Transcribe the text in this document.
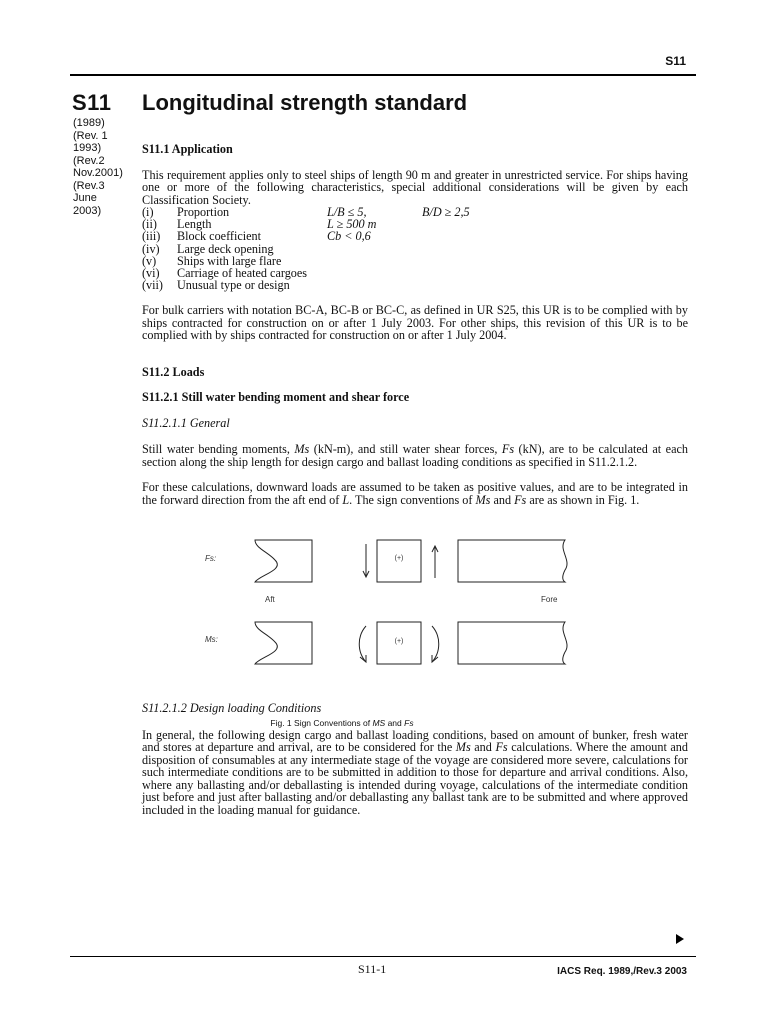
S11
S11 Longitudinal strength standard
(1989)
(Rev. 1
1993)
(Rev.2
Nov.2001)
(Rev.3
June
2003)

S11.1 Application

This requirement applies only to steel ships of length 90 m and greater in unrestricted service. For ships having one or more of the following characteristics, special additional considerations will be given by each Classification Society.

(i)	Proportion	L/B ≤ 5,	B/D ≥ 2,5
(ii)	Length	L ≥ 500 m	
(iii)	Block coefficient	Cb < 0,6	
(iv)	Large deck opening		
(v)	Ships with large flare		
(vi)	Carriage of heated cargoes		
(vii)	Unusual type or design		

For bulk carriers with notation BC-A, BC-B or BC-C, as defined in UR S25, this UR is to be complied with by ships contracted for construction on or after 1 July 2003. For other ships, this revision of this UR is to be complied with by ships contracted for construction on or after 1 July 2004.

S11.2 Loads

S11.2.1 Still water bending moment and shear force

S11.2.1.1 General

Still water bending moments, Ms (kN-m), and still water shear forces, Fs (kN), are to be calculated at each section along the ship length for design cargo and ballast loading conditions as specified in S11.2.1.2.

For these calculations, downward loads are assumed to be taken as positive values, and are to be integrated in the forward direction from the aft end of L. The sign conventions of Ms and Fs are as shown in Fig. 1.

S11.2.1.2 Design loading Conditions

In general, the following design cargo and ballast loading conditions, based on amount of bunker, fresh water and stores at departure and arrival, are to be considered for the Ms and Fs calculations. Where the amount and disposition of consumables at any intermediate stage of the voyage are considered more severe, calculations for such intermediate conditions are to be submitted in addition to those for departure and arrival conditions. Also, where any ballasting and/or deballasting is intended during voyage, calculations of the intermediate condition just before and just after ballasting and/or deballasting any ballast tank are to be submitted and where approved included in the loading manual for guidance.

Fs:	(+)
Aft	Fore
Ms:	(+)
Fig. 1 Sign Conventions of MS and Fs
S11-1	IACS Req. 1989,/Rev.3 2003
